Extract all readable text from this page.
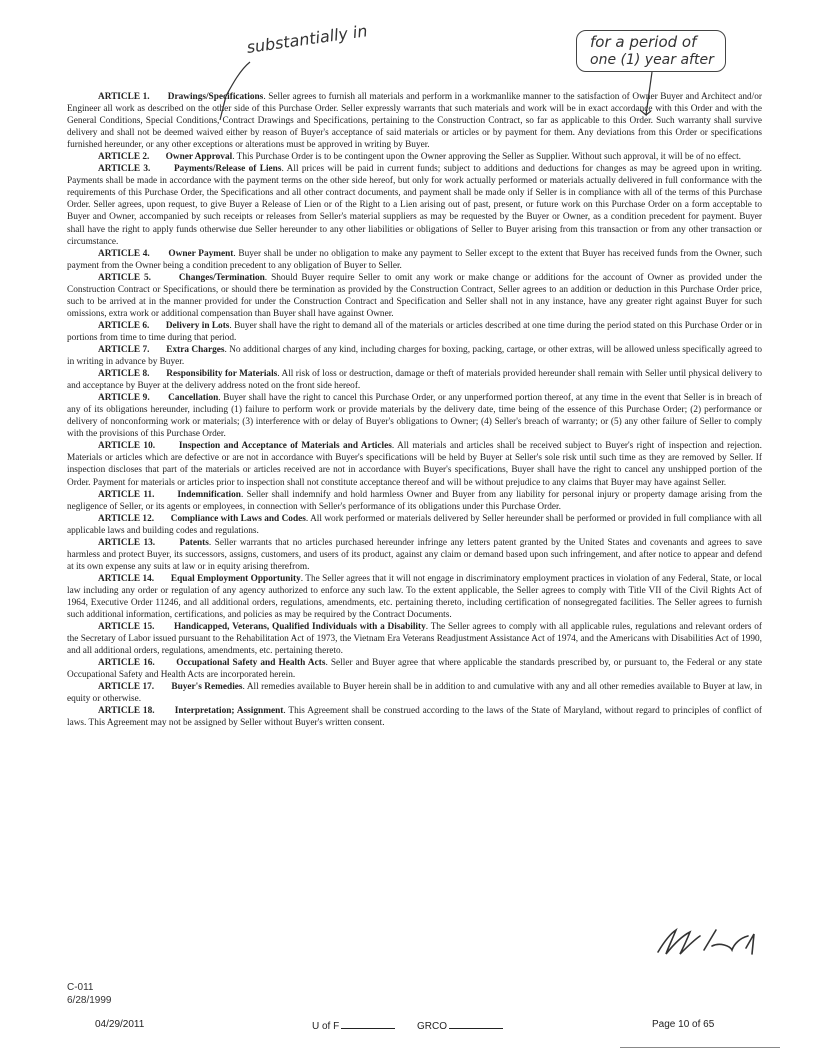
substantially in	for a period of
one (1) year after

ARTICLE 1. Drawings/Specifications. Seller agrees to furnish all materials and perform in a workmanlike manner to the satisfaction of Owner Buyer and Architect and/or Engineer all work as described on the other side of this Purchase Order. Seller expressly warrants that such materials and work will be in exact accordance with this Order and with the General Conditions, Special Conditions, Contract Drawings and Specifications, pertaining to the Construction Contract, so far as applicable to this Order. Such warranty shall survive delivery and shall not be deemed waived either by reason of Buyer's acceptance of said materials or articles or by payment for them. Any deviations from this Order or specifications furnished hereunder, or any other exceptions or alterations must be approved in writing by Buyer.

ARTICLE 2. Owner Approval. This Purchase Order is to be contingent upon the Owner approving the Seller as Supplier. Without such approval, it will be of no effect.

ARTICLE 3.	Payments/Release of Liens. All prices will be paid in current funds; subject to additions and deductions for changes as may be agreed upon in writing. Payments shall be made in accordance with the payment terms on the other side hereof, but only for work actually performed or materials actually delivered in full conformance with the requirements of this Purchase Order, the Specifications and all other contract documents, and payment shall be made only if Seller is in compliance with all of the terms of this Purchase Order. Seller agrees, upon request, to give Buyer a Release of Lien or of the Right to a Lien arising out of past, present, or future work on this Purchase Order on a form acceptable to Buyer and Owner, accompanied by such receipts or releases from Seller's material suppliers as may be requested by the Buyer or Owner, as a condition precedent for payment. Buyer shall have the right to apply funds otherwise due Seller hereunder to any other liabilities or obligations of Seller to Buyer arising from this transaction or from any other transaction or circumstance.

ARTICLE 4. Owner Payment. Buyer shall be under no obligation to make any payment to Seller except to the extent that Buyer has received funds from the Owner, such payment from the Owner being a condition precedent to any obligation of Buyer to Seller.

ARTICLE 5.	Changes/Termination. Should Buyer require Seller to omit any work or make change or additions for the account of Owner as provided under the Construction Contract or Specifications, or should there be termination as provided by the Construction Contract, Seller agrees to an addition or deduction in this Purchase Order price, such to be arrived at in the manner provided for under the Construction Contract and Specification and Seller shall not in any instance, have any greater right against Buyer for such omissions, extra work or additional compensation than Buyer shall have against Owner.

ARTICLE 6. Delivery in Lots. Buyer shall have the right to demand all of the materials or articles described at one time during the period stated on this Purchase Order or in portions from time to time during that period.

ARTICLE 7. Extra Charges. No additional charges of any kind, including charges for boxing, packing, cartage, or other extras, will be allowed unless specifically agreed to in writing in advance by Buyer.

ARTICLE 8. Responsibility for Materials. All risk of loss or destruction, damage or theft of materials provided hereunder shall remain with Seller until physical delivery to and acceptance by Buyer at the delivery address noted on the front side hereof.

ARTICLE 9. Cancellation. Buyer shall have the right to cancel this Purchase Order, or any unperformed portion thereof, at any time in the event that Seller is in breach of any of its obligations hereunder, including (1) failure to perform work or provide materials by the delivery date, time being of the essence of this Purchase Order; (2) performance or delivery of nonconforming work or materials; (3) interference with or delay of Buyer's obligations to Owner; (4) Seller's breach of warranty; or (5) any other failure of Seller to comply with the provisions of this Purchase Order.

ARTICLE 10.	Inspection and Acceptance of Materials and Articles. All materials and articles shall be received subject to Buyer's right of inspection and rejection. Materials or articles which are defective or are not in accordance with Buyer's specifications will be held by Buyer at Seller's sole risk until such time as they are removed by Seller. If inspection discloses that part of the materials or articles received are not in accordance with Buyer's specifications, Buyer shall have the right to cancel any unshipped portion of the Order. Payment for materials or articles prior to inspection shall not constitute acceptance thereof and will be without prejudice to any claims that Buyer may have against Seller.

ARTICLE 11. Indemnification. Seller shall indemnify and hold harmless Owner and Buyer from any liability for personal injury or property damage arising from the negligence of Seller, or its agents or employees, in connection with Seller's performance of its obligations under this Purchase Order.

ARTICLE 12. Compliance with Laws and Codes. All work performed or materials delivered by Seller hereunder shall be performed or provided in full compliance with all applicable laws and building codes and regulations.

ARTICLE 13.	Patents. Seller warrants that no articles purchased hereunder infringe any letters patent granted by the United States and covenants and agrees to save harmless and protect Buyer, its successors, assigns, customers, and users of its product, against any claim or demand based upon such infringement, and after notice to appear and defend at its own expense any suits at law or in equity arising therefrom.

ARTICLE 14. Equal Employment Opportunity. The Seller agrees that it will not engage in discriminatory employment practices in violation of any Federal, State, or local law including any order or regulation of any agency authorized to enforce any such law. To the extent applicable, the Seller agrees to comply with Title VII of the Civil Rights Act of 1964, Executive Order 11246, and all additional orders, regulations, amendments, etc. pertaining thereto, including certification of nonsegregated facilities. The Seller agrees to furnish such additional information, certifications, and policies as may be required by the Contract Documents.

ARTICLE 15. Handicapped, Veterans, Qualified Individuals with a Disability. The Seller agrees to comply with all applicable rules, regulations and relevant orders of the Secretary of Labor issued pursuant to the Rehabilitation Act of 1973, the Vietnam Era Veterans Readjustment Assistance Act of 1974, and the Americans with Disabilities Act of 1990, and all additional orders, regulations, amendments, etc. pertaining thereto.

ARTICLE 16. Occupational Safety and Health Acts. Seller and Buyer agree that where applicable the standards prescribed by, or pursuant to, the Federal or any state Occupational Safety and Health Acts are incorporated herein.

ARTICLE 17. Buyer's Remedies. All remedies available to Buyer herein shall be in addition to and cumulative with any and all other remedies available to Buyer at law, in equity or otherwise.

ARTICLE 18. Interpretation; Assignment. This Agreement shall be construed according to the laws of the State of Maryland, without regard to principles of conflict of laws. This Agreement may not be assigned by Seller without Buyer's written consent.

C-011
6/28/1999
04/29/2011	U of F	GRCO	Page 10 of 65
